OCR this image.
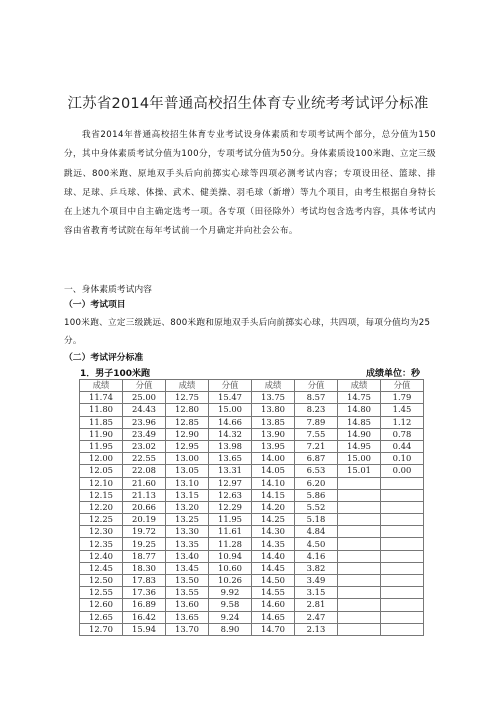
江苏省2014年普通高校招生体育专业统考考试评分标准
我省2014年普通高校招生体育专业考试设身体素质和专项考试两个部分，总分值为150分，其中身体素质考试分值为100分，专项考试分值为50分。身体素质设100米跑、立定三级跳远、800米跑、原地双手头后向前掷实心球等四项必测考试内容；专项设田径、篮球、排球、足球、乒乓球、体操、武术、健美操、羽毛球（新增）等九个项目，由考生根据自身特长在上述九个项目中自主确定选考一项。各专项（田径除外）考试均包含选考内容，具体考试内容由省教育考试院在每年考试前一个月确定并向社会公布。
一、身体素质考试内容
（一）考试项目
100米跑、立定三级跳远、800米跑和原地双手头后向前掷实心球，共四项，每项分值均为25分。
（二）考试评分标准
1．男子100米跑	成绩单位：秒
成绩	分值	成绩	分值	成绩	分值	成绩	分值
11.74	25.00	12.75	15.47	13.75	8.57	14.75	1.79
11.80	24.43	12.80	15.00	13.80	8.23	14.80	1.45
11.85	23.96	12.85	14.66	13.85	7.89	14.85	1.12
11.90	23.49	12.90	14.32	13.90	7.55	14.90	0.78
11.95	23.02	12.95	13.98	13.95	7.21	14.95	0.44
12.00	22.55	13.00	13.65	14.00	6.87	15.00	0.10
12.05	22.08	13.05	13.31	14.05	6.53	15.01	0.00
12.10	21.60	13.10	12.97	14.10	6.20		
12.15	21.13	13.15	12.63	14.15	5.86		
12.20	20.66	13.20	12.29	14.20	5.52		
12.25	20.19	13.25	11.95	14.25	5.18		
12.30	19.72	13.30	11.61	14.30	4.84		
12.35	19.25	13.35	11.28	14.35	4.50		
12.40	18.77	13.40	10.94	14.40	4.16		
12.45	18.30	13.45	10.60	14.45	3.82		
12.50	17.83	13.50	10.26	14.50	3.49		
12.55	17.36	13.55	9.92	14.55	3.15		
12.60	16.89	13.60	9.58	14.60	2.81		
12.65	16.42	13.65	9.24	14.65	2.47		
12.70	15.94	13.70	8.90	14.70	2.13		
